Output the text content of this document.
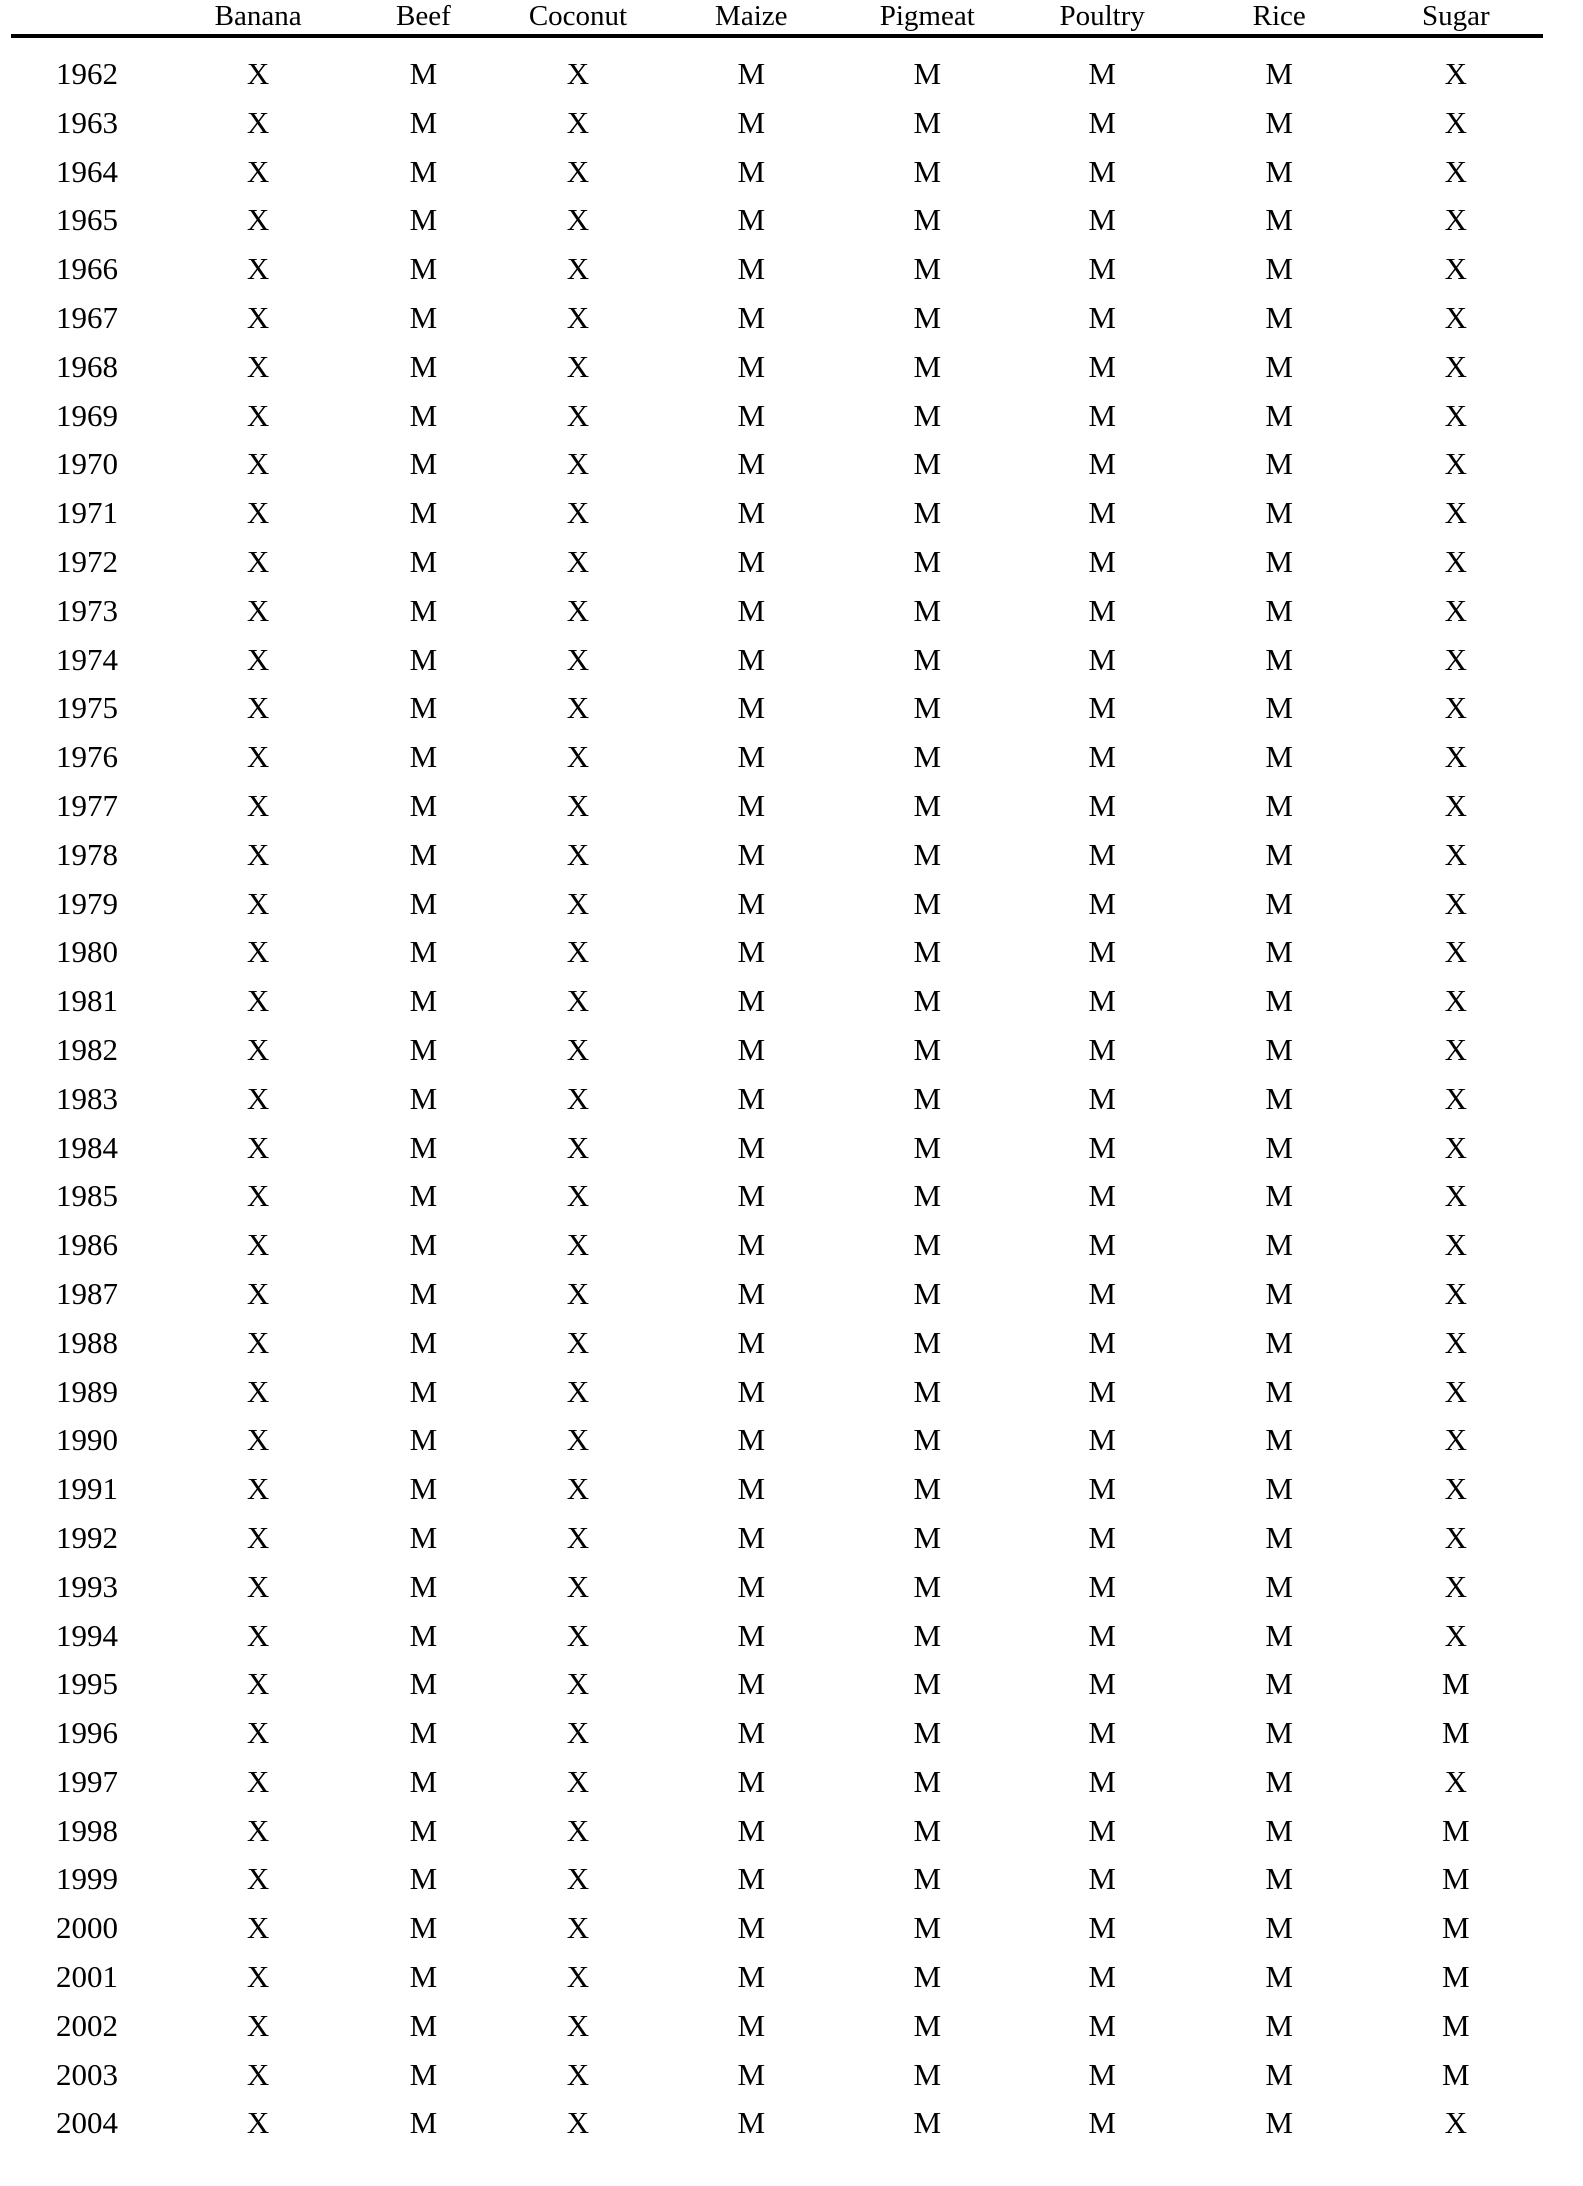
	Banana	Beef	Coconut	Maize	Pigmeat	Poultry	Rice	Sugar
1962	X	M	X	M	M	M	M	X
1963	X	M	X	M	M	M	M	X
1964	X	M	X	M	M	M	M	X
1965	X	M	X	M	M	M	M	X
1966	X	M	X	M	M	M	M	X
1967	X	M	X	M	M	M	M	X
1968	X	M	X	M	M	M	M	X
1969	X	M	X	M	M	M	M	X
1970	X	M	X	M	M	M	M	X
1971	X	M	X	M	M	M	M	X
1972	X	M	X	M	M	M	M	X
1973	X	M	X	M	M	M	M	X
1974	X	M	X	M	M	M	M	X
1975	X	M	X	M	M	M	M	X
1976	X	M	X	M	M	M	M	X
1977	X	M	X	M	M	M	M	X
1978	X	M	X	M	M	M	M	X
1979	X	M	X	M	M	M	M	X
1980	X	M	X	M	M	M	M	X
1981	X	M	X	M	M	M	M	X
1982	X	M	X	M	M	M	M	X
1983	X	M	X	M	M	M	M	X
1984	X	M	X	M	M	M	M	X
1985	X	M	X	M	M	M	M	X
1986	X	M	X	M	M	M	M	X
1987	X	M	X	M	M	M	M	X
1988	X	M	X	M	M	M	M	X
1989	X	M	X	M	M	M	M	X
1990	X	M	X	M	M	M	M	X
1991	X	M	X	M	M	M	M	X
1992	X	M	X	M	M	M	M	X
1993	X	M	X	M	M	M	M	X
1994	X	M	X	M	M	M	M	X
1995	X	M	X	M	M	M	M	M
1996	X	M	X	M	M	M	M	M
1997	X	M	X	M	M	M	M	X
1998	X	M	X	M	M	M	M	M
1999	X	M	X	M	M	M	M	M
2000	X	M	X	M	M	M	M	M
2001	X	M	X	M	M	M	M	M
2002	X	M	X	M	M	M	M	M
2003	X	M	X	M	M	M	M	M
2004	X	M	X	M	M	M	M	X
